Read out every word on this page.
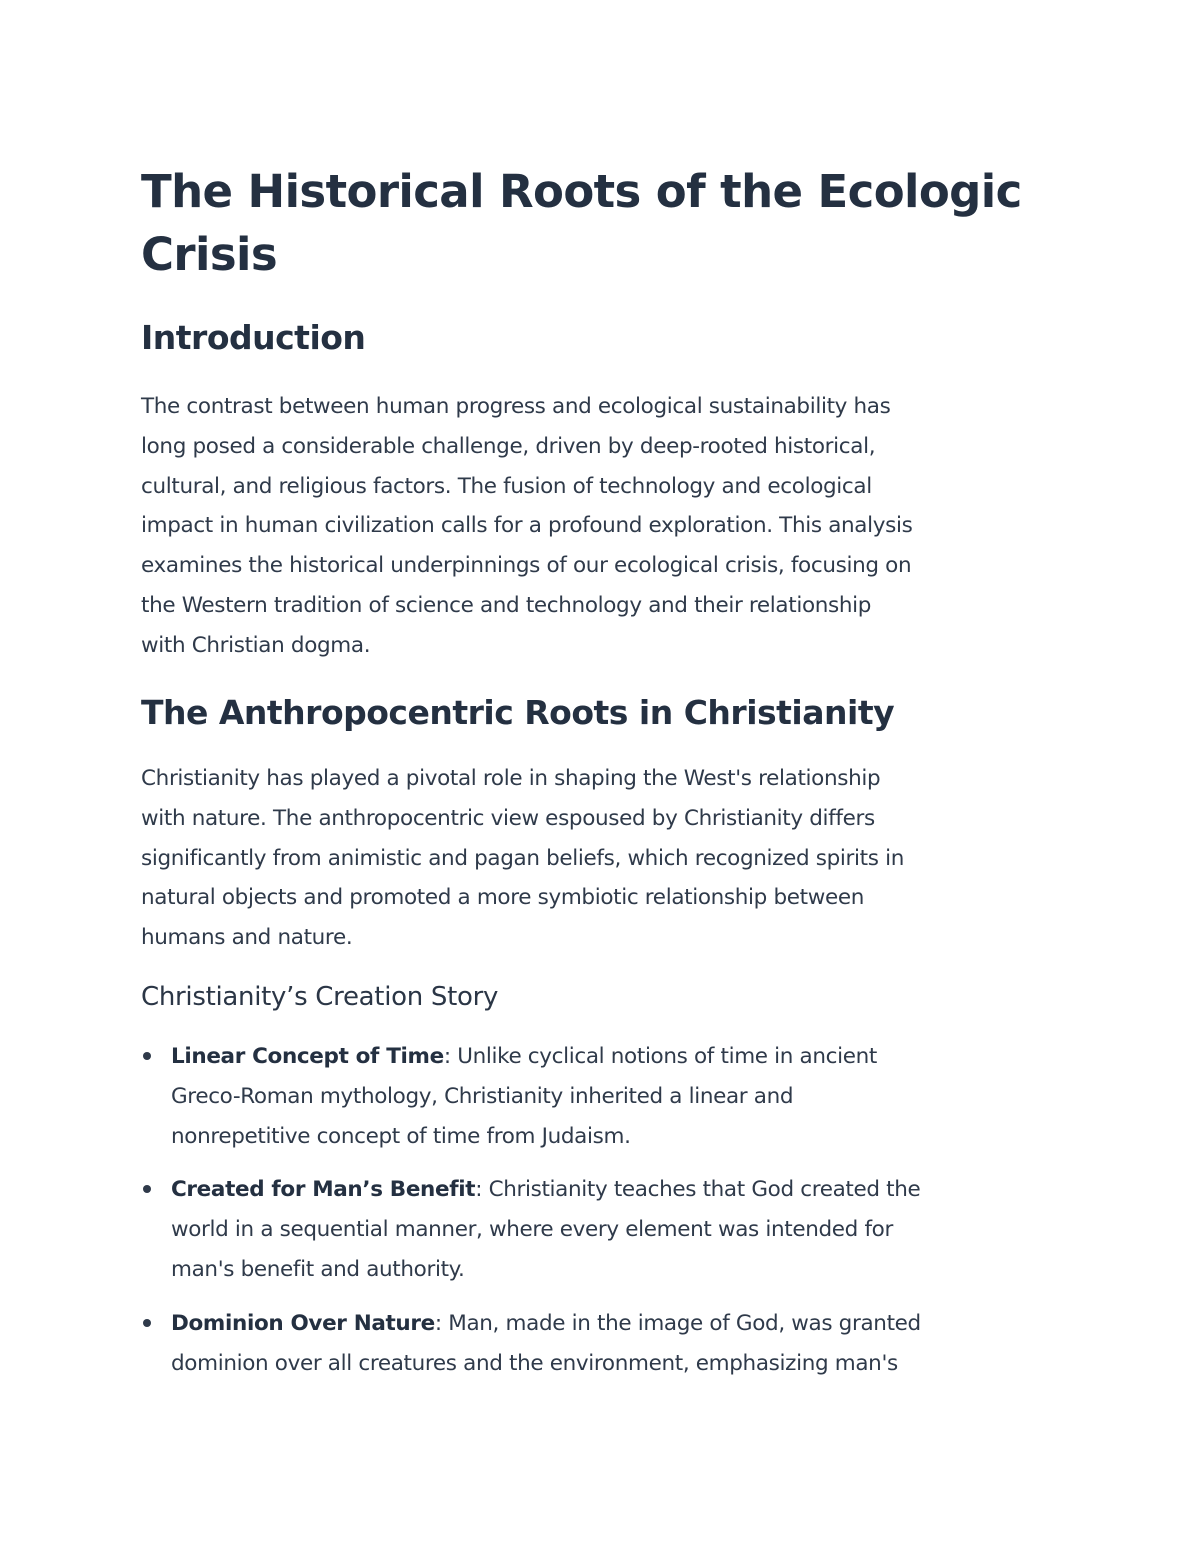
The Historical Roots of the Ecologic
Crisis
Introduction
The contrast between human progress and ecological sustainability has
long posed a considerable challenge, driven by deep-rooted historical,
cultural, and religious factors. The fusion of technology and ecological
impact in human civilization calls for a profound exploration. This analysis
examines the historical underpinnings of our ecological crisis, focusing on
the Western tradition of science and technology and their relationship
with Christian dogma.
The Anthropocentric Roots in Christianity
Christianity has played a pivotal role in shaping the West's relationship
with nature. The anthropocentric view espoused by Christianity differs
significantly from animistic and pagan beliefs, which recognized spirits in
natural objects and promoted a more symbiotic relationship between
humans and nature.
Christianity’s Creation Story
Linear Concept of Time: Unlike cyclical notions of time in ancient
Greco-Roman mythology, Christianity inherited a linear and
nonrepetitive concept of time from Judaism.
Created for Man’s Benefit: Christianity teaches that God created the
world in a sequential manner, where every element was intended for
man's benefit and authority.
Dominion Over Nature: Man, made in the image of God, was granted
dominion over all creatures and the environment, emphasizing man's
